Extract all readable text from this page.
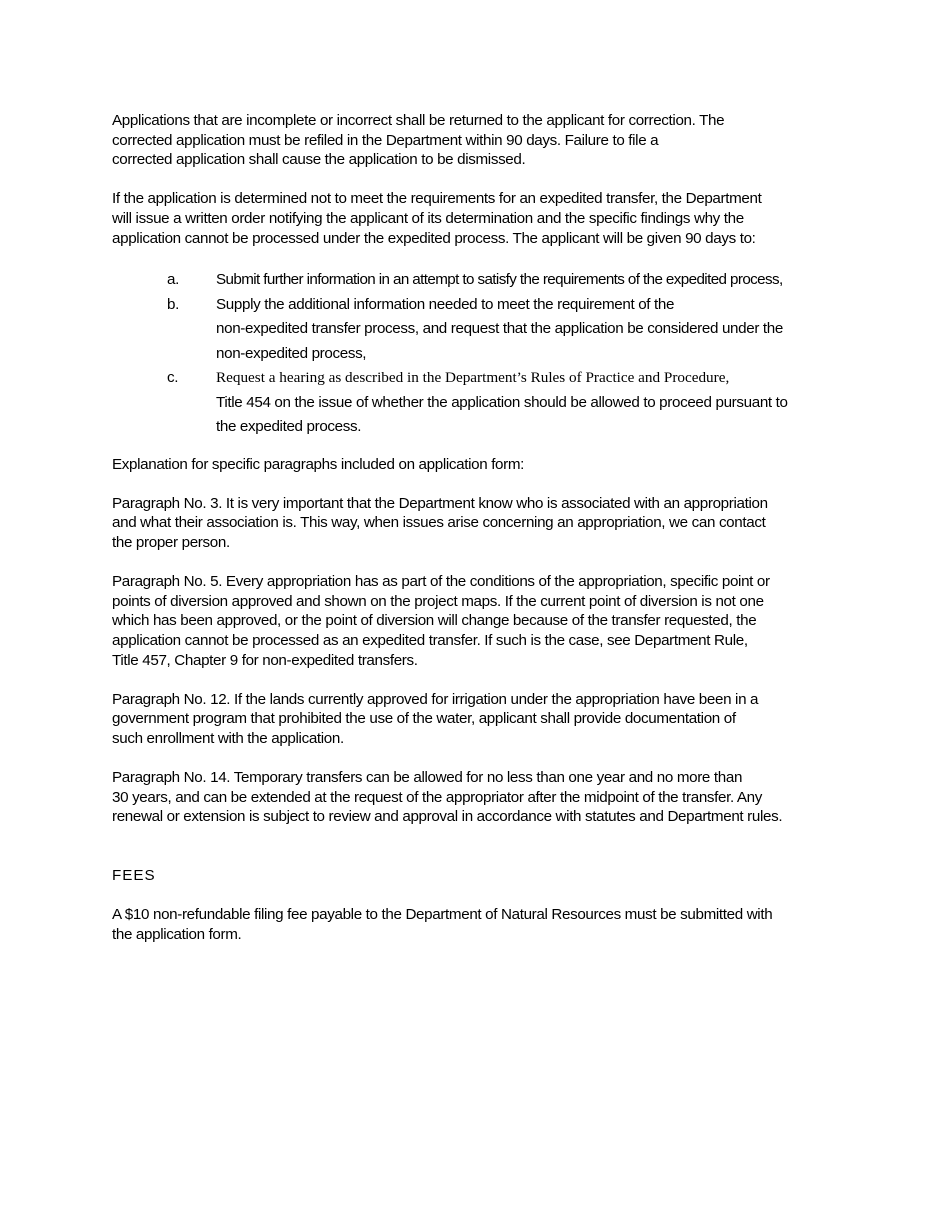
Applications that are incomplete or incorrect shall be returned to the applicant for correction. The
corrected application must be refiled in the Department within 90 days. Failure to file a
corrected application shall cause the application to be dismissed.

If the application is determined not to meet the requirements for an expedited transfer, the Department
will issue a written order notifying the applicant of its determination and the specific findings why the
application cannot be processed under the expedited process. The applicant will be given 90 days to:

a.	Submit further information in an attempt to satisfy the requirements of the expedited process,
b.	Supply the additional information needed to meet the requirement of the
non-expedited transfer process, and request that the application be considered under the
non-expedited process,
c.	Request a hearing as described in the Department’s Rules of Practice and Procedure,
Title 454 on the issue of whether the application should be allowed to proceed pursuant to
the expedited process.

Explanation for specific paragraphs included on application form:

Paragraph No. 3. It is very important that the Department know who is associated with an appropriation
and what their association is. This way, when issues arise concerning an appropriation, we can contact
the proper person.

Paragraph No. 5. Every appropriation has as part of the conditions of the appropriation, specific point or
points of diversion approved and shown on the project maps. If the current point of diversion is not one
which has been approved, or the point of diversion will change because of the transfer requested, the
application cannot be processed as an expedited transfer. If such is the case, see Department Rule,
Title 457, Chapter 9 for non-expedited transfers.

Paragraph No. 12. If the lands currently approved for irrigation under the appropriation have been in a
government program that prohibited the use of the water, applicant shall provide documentation of
such enrollment with the application.

Paragraph No. 14. Temporary transfers can be allowed for no less than one year and no more than
30 years, and can be extended at the request of the appropriator after the midpoint of the transfer. Any
renewal or extension is subject to review and approval in accordance with statutes and Department rules.

FEES

A $10 non-refundable filing fee payable to the Department of Natural Resources must be submitted with
the application form.
